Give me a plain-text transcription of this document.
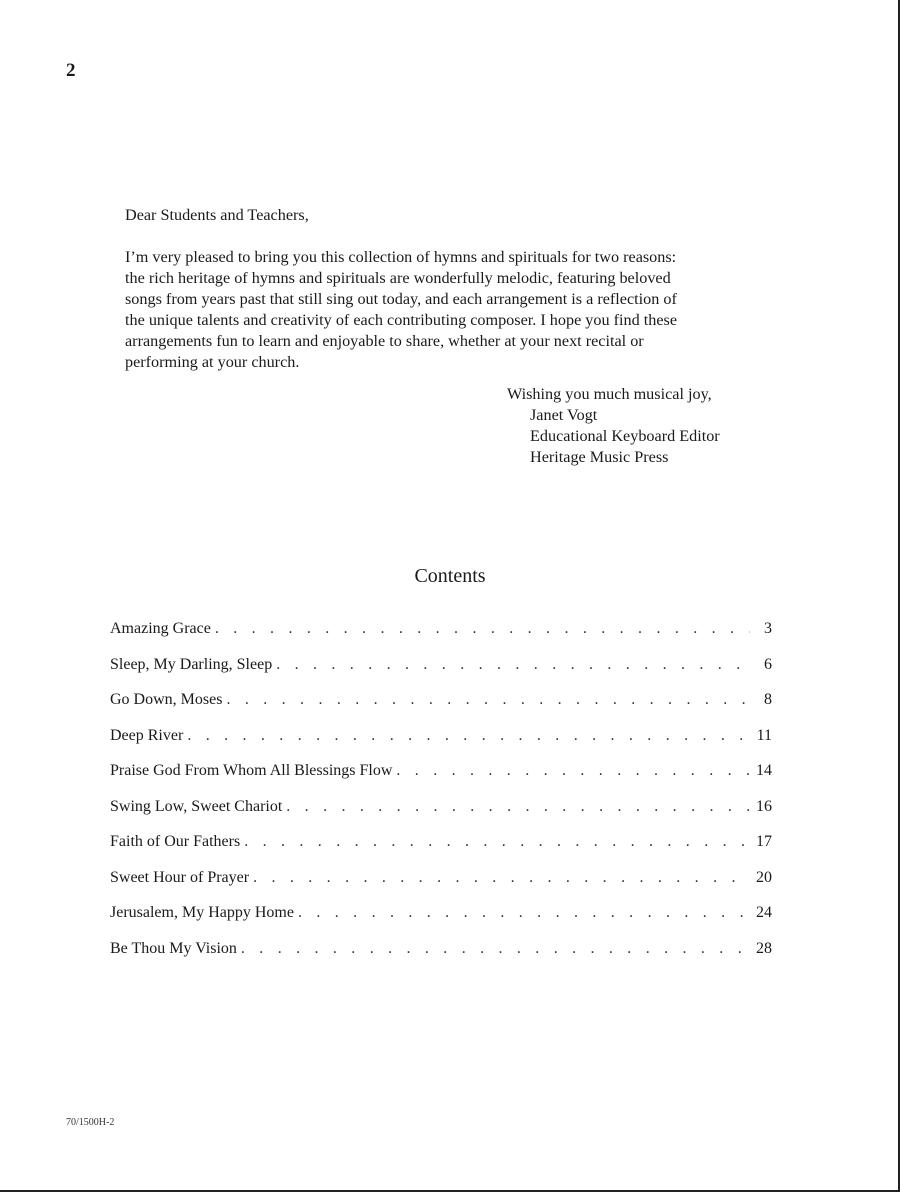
2

Dear Students and Teachers,

I’m very pleased to bring you this collection of hymns and spirituals for two reasons:

the rich heritage of hymns and spirituals are wonderfully melodic, featuring beloved

songs from years past that still sing out today, and each arrangement is a reflection of

the unique talents and creativity of each contributing composer. I hope you find these

arrangements fun to learn and enjoyable to share, whether at your next recital or

performing at your church.

Wishing you much musical joy,

Janet Vogt

Educational Keyboard Editor

Heritage Music Press

Contents
Amazing Grace . . .	3
Sleep, My Darling, Sleep . . .	6
Go Down, Moses . . .	8
Deep River . . .	11
Praise God From Whom All Blessings Flow . . .	14
Swing Low, Sweet Chariot . . .	16
Faith of Our Fathers . . .	17
Sweet Hour of Prayer . . .	20
Jerusalem, My Happy Home . . .	24
Be Thou My Vision . . .	28
70/1500H-2
